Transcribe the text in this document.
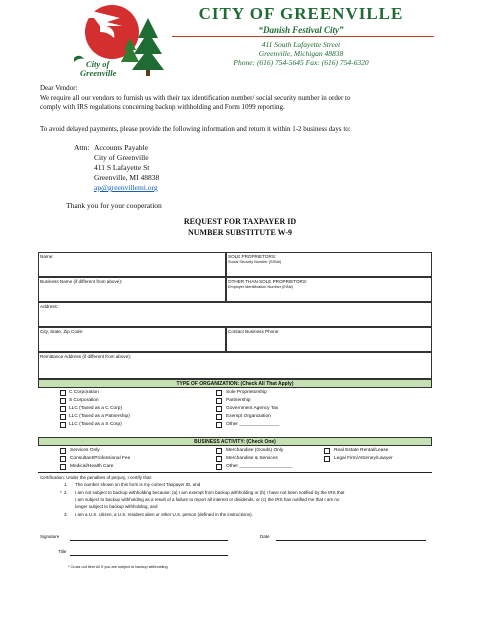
City of
Greenville
CITY OF GREENVILLE
“Danish Festival City”
411 South Lafayette Street
Greenville, Michigan 48838
Phone: (616) 754-5645 Fax: (616) 754-6320
Dear Vendor:
We require all our vendors to furnish us with their tax identification number/ social security number in order to
comply with IRS regulations concerning backup withholding and Form 1099 reporting.
To avoid delayed payments, please provide the following information and return it within 1-2 business days to:
Attn: Accounts Payable
City of Greenville
411 S Lafayette St
Greenville, MI 48838
ap@greenvillemi.org
Thank you for your cooperation
REQUEST FOR TAXPAYER ID
NUMBER SUBSTITUTE W-9
Name:	SOLE PROPRIETORS:
Social Security Number (SSN#)
Business Name (if different from above):	OTHER THAN SOLE PROPRIETORS:
Employer Identification Number (EIN#)
Address:
City, State, Zip Code:	Contact Business Phone:
Remittance Address (if different from above):
TYPE OF ORGANIZATION: (Check All That Apply)
C Corporation
S Corporation
LLC (Taxed as a C Corp)
LLC (Taxed as a Patnership)
LLC (Taxed as a S Corp)
Sole Proprietorship
Partnership
Government Agency Tax
Exempt Organization
Other _______________
BUSINESS ACTIVITY: (Check One)
Services Only
Consultant/Professional Fee
Medical/Health Care
Merchandise (Goods) Only
Merchandise & Services
Other ____________________
Real Estate Rental/Lease
Legal Firm/Attorney/Lawyer
Certification: Under the penalties of perjury, I certify that:
1. The number shown on this form is my correct Taxpayer ID, and
* 2. I am not subject to backup withholding because: (a) I am exempt from backup withholding or (b) I have not been notified by the IRS that
I am subject to backup withholding as a result of a failure to report all interest or dividends, or (c) the IRS has notified me that I am no
longer subject to backup withholding, and
3. I am a U.S. citizen, a U.S. resident alien or other U.S. person (defined in the instructions).
Signature	Date
Title
* Cross out item #2 if you are subject to backup withholding
